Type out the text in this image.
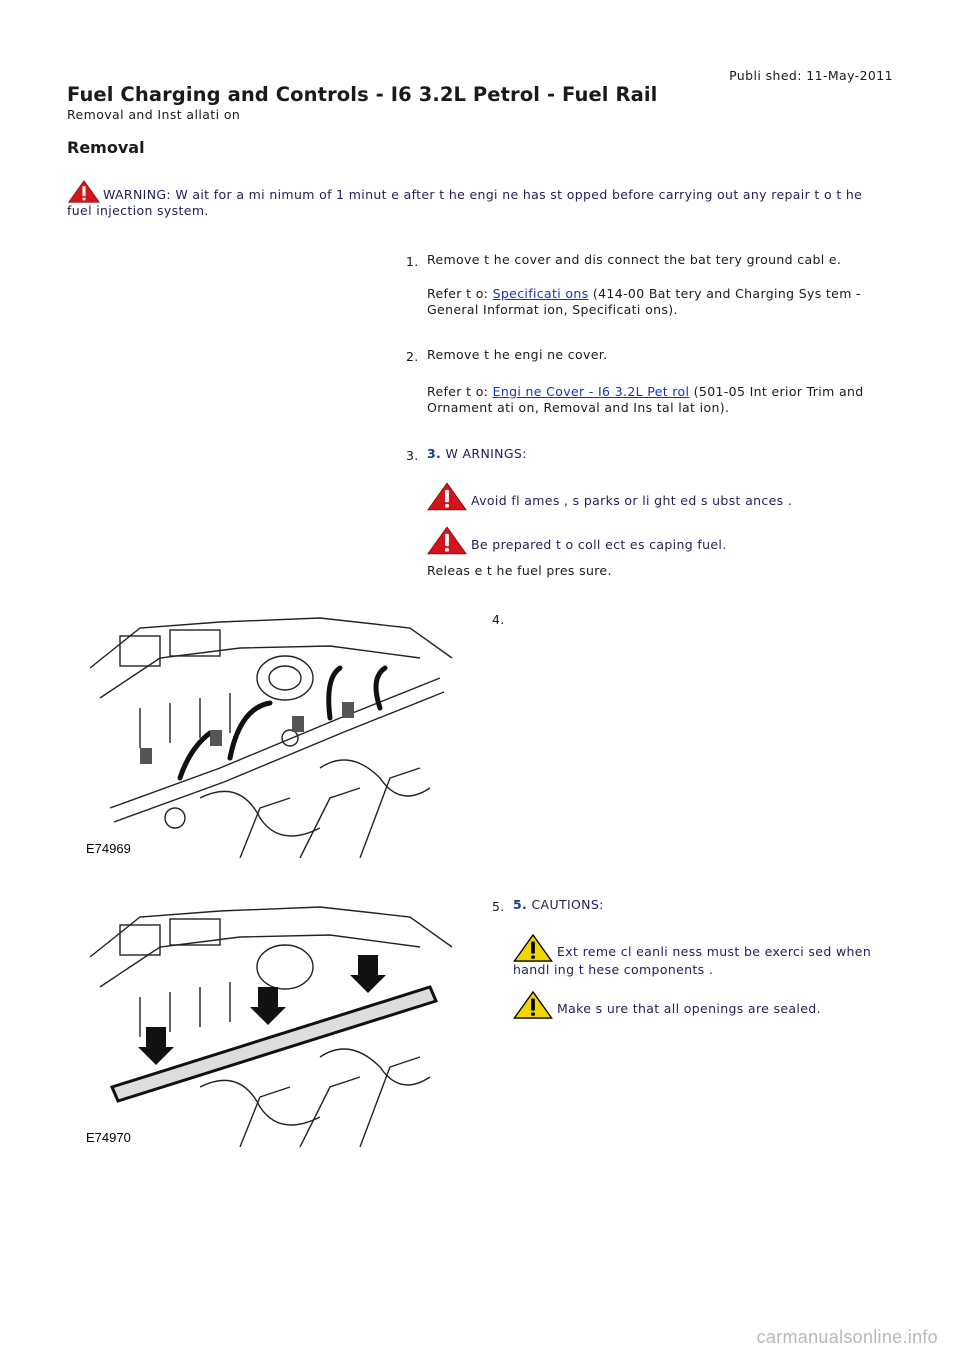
Publi shed: 11-May-2011
Fuel Charging and Controls - I6 3.2L Petrol - Fuel Rail
Removal and Inst allati on
Removal
WARNING: W ait for a mi nimum of 1 minut e after t he engi ne has st opped before carrying out any repair t o t he fuel injection system.
1. Remove t he cover and dis connect the bat tery ground cabl e.
Refer t o: Specificati ons (414-00 Bat tery and Charging Sys tem - General Informat ion, Specificati ons).
2. Remove t he engi ne cover.
Refer t o: Engi ne Cover - I6 3.2L Pet rol (501-05 Int erior Trim and Ornament ati on, Removal and Ins tal lat ion).
3. 3. W ARNINGS:
Avoid fl ames , s parks or li ght ed s ubst ances .
Be prepared t o coll ect es caping fuel.
Releas e t he fuel pres sure.
4.
E74969
5. 5. CAUTIONS:
Ext reme cl eanli ness must be exerci sed when handl ing t hese components .
Make s ure that all openings are sealed.
E74970
carmanualsonline.info
